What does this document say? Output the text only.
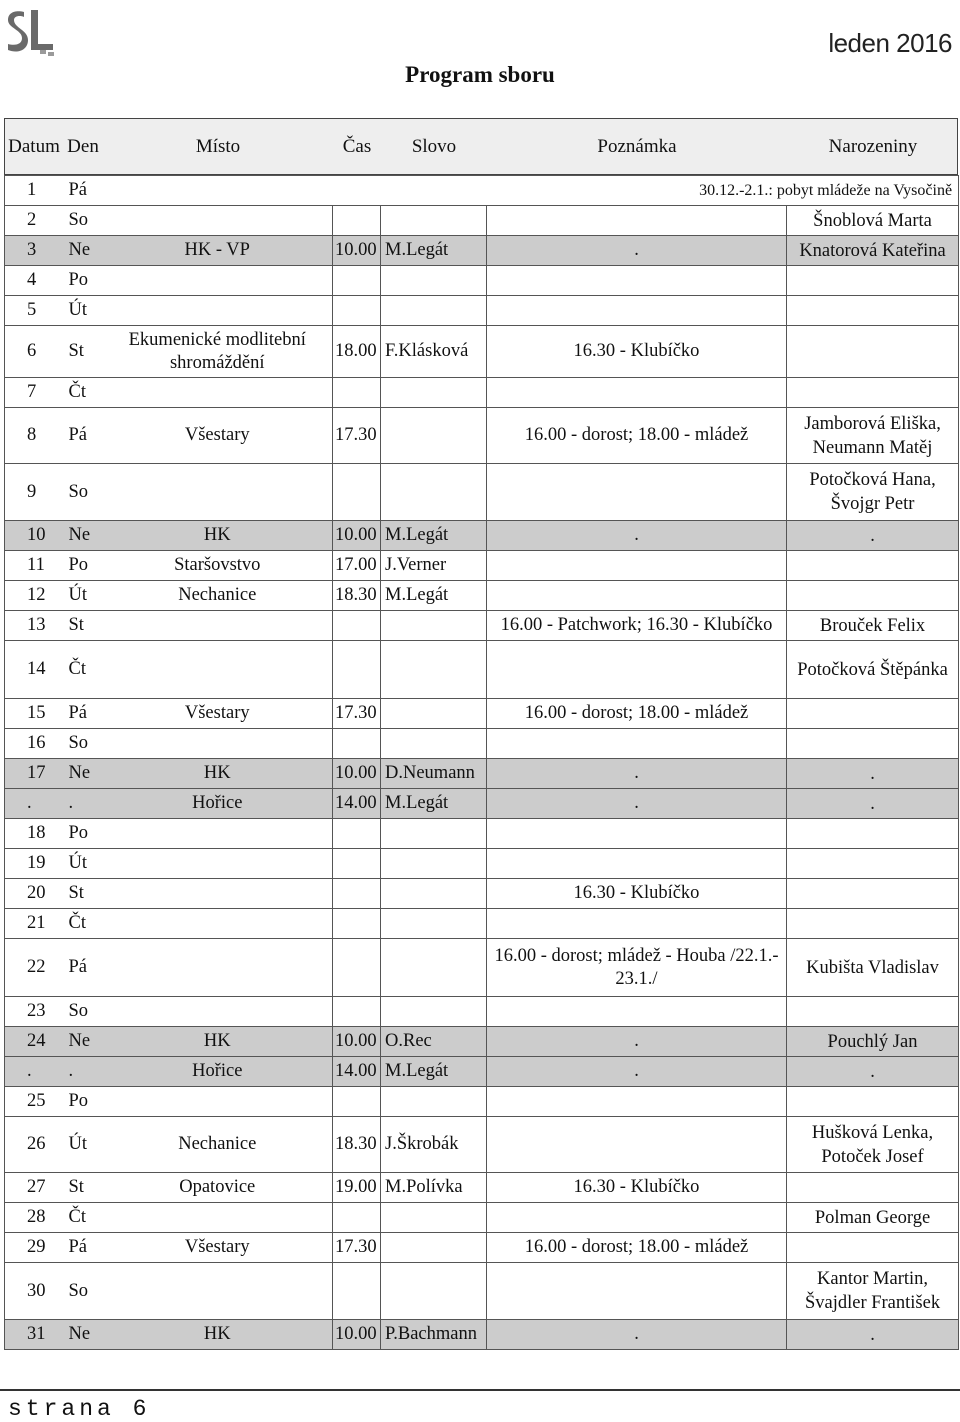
leden 2016
Program sboru
Datum Den	Místo	Čas	Slovo	Poznámka	Narozeniny
1	Pá		30.12.-2.1.: pobyt mládeže na Vysočině				
2	So					Šnoblová Marta	
3	Ne	HK - VP	10.00	M.Legát	.	Knatorová Kateřina	
4	Po						
5	Út						
6	St	Ekumenické modlitební shromáždění	18.00	F.Klásková	16.30 - Klubíčko		
7	Čt						
8	Pá	Všestary	17.30		16.00 - dorost; 18.00 - mládež	Jamborová Eliška, Neumann Matěj	
9	So					Potočková Hana, Švojgr Petr	
10	Ne	HK	10.00	M.Legát	.	.	
11	Po	Staršovstvo	17.00	J.Verner			
12	Út	Nechanice	18.30	M.Legát			
13	St				16.00 - Patchwork; 16.30 - Klubíčko	Brouček Felix	
14	Čt					Potočková Štěpánka	
15	Pá	Všestary	17.30		16.00 - dorost; 18.00 - mládež		
16	So						
17	Ne	HK	10.00	D.Neumann	.	.	
.	.	Hořice	14.00	M.Legát	.	.	
18	Po						
19	Út						
20	St				16.30 - Klubíčko		
21	Čt						
22	Pá				16.00 - dorost; mládež - Houba /22.1.- 23.1./	Kubišta Vladislav	
23	So						
24	Ne	HK	10.00	O.Rec	.	Pouchlý Jan	
.	.	Hořice	14.00	M.Legát	.	.	
25	Po						
26	Út	Nechanice	18.30	J.Škrobák		Hušková Lenka, Potoček Josef	
27	St	Opatovice	19.00	M.Polívka	16.30 - Klubíčko		
28	Čt					Polman George	
29	Pá	Všestary	17.30		16.00 - dorost; 18.00 - mládež		
30	So					Kantor Martin, Švajdler František	
31	Ne	HK	10.00	P.Bachmann	.	.	
strana 6
